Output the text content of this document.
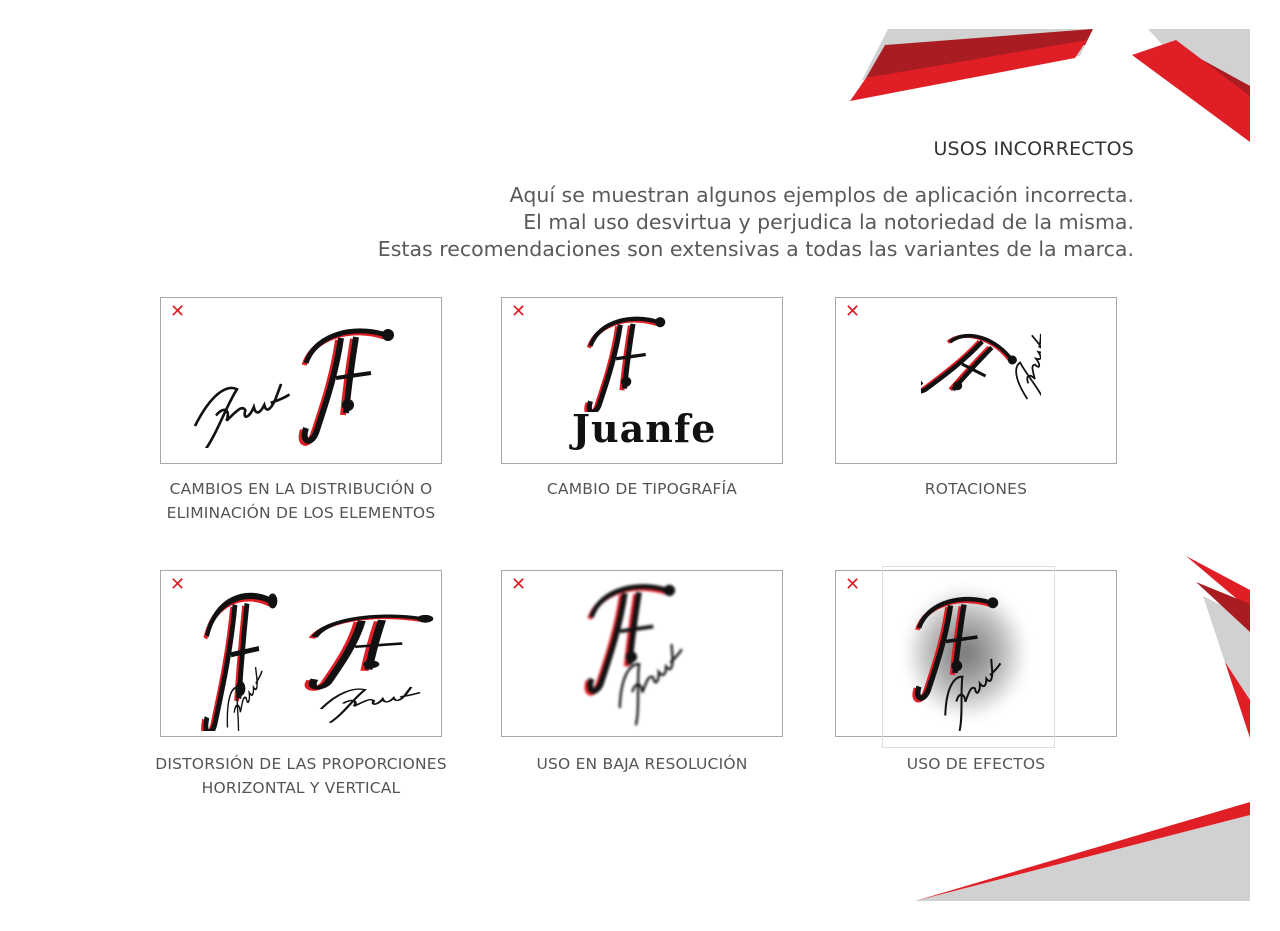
USOS INCORRECTOS
Aquí se muestran algunos ejemplos de aplicación incorrecta.
El mal uso desvirtua y perjudica la notoriedad de la misma.
Estas recomendaciones son extensivas a todas las variantes de la marca.
✕
CAMBIOS EN LA DISTRIBUCIÓN O
ELIMINACIÓN DE LOS ELEMENTOS
✕
Juanfe
CAMBIO DE TIPOGRAFÍA
✕
ROTACIONES
✕
DISTORSIÓN DE LAS PROPORCIONES
HORIZONTAL Y VERTICAL
✕
USO EN BAJA RESOLUCIÓN
✕
USO DE EFECTOS
